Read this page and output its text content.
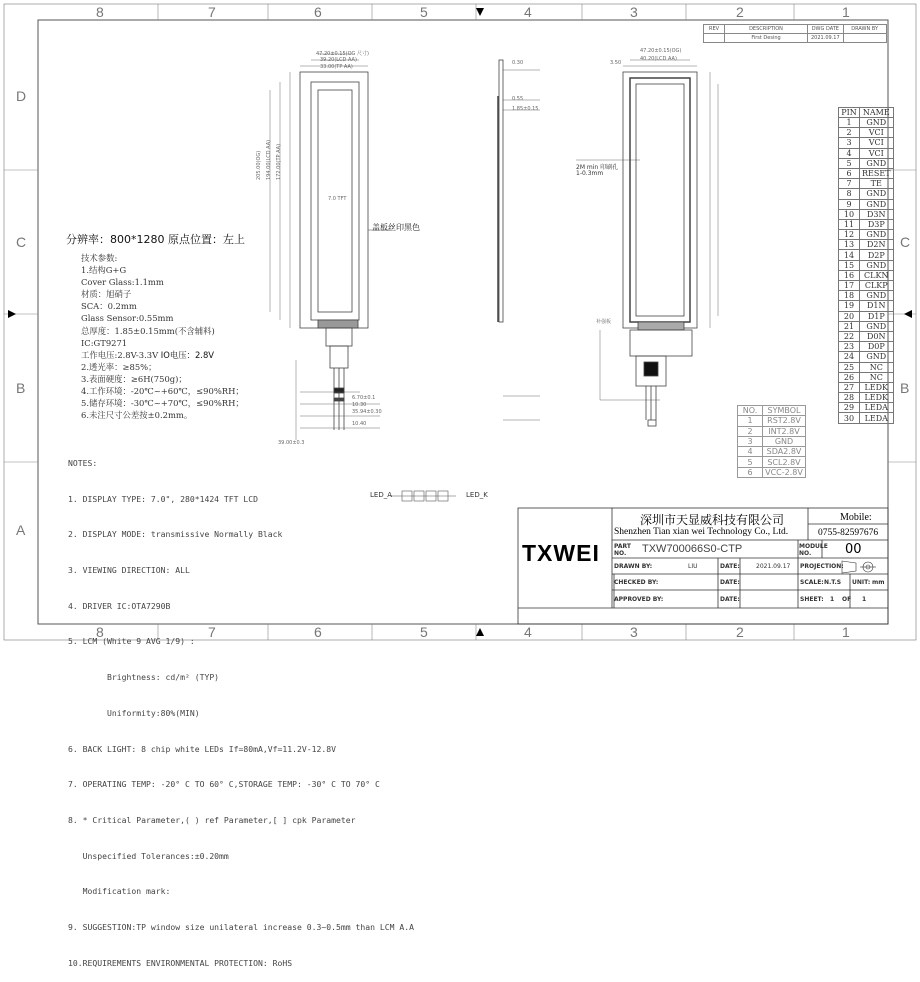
8	7	6	5	4	3	2	1
8	7	6	5	4	3	2	1
D
C
B
A
C
B
REV	DESCRIPTION	DWG DATE	DRAWN BY
	First Desing	2021.09.17	
分辨率：800*1280 原点位置：左上
技术参数:
1.结构G+G
Cover Glass:1.1mm
材质：旭硝子
SCA：0.2mm
Glass Sensor:0.55mm
总厚度：1.85±0.15mm(不含辅料)
IC:GT9271
工作电压:2.8V-3.3V IO电压：2.8V
2.透光率：≥85%；
3.表面硬度：≥6H(750g)；
4.工作环境：-20℃~+60℃，≤90%RH；
5.储存环境：-30℃~+70℃，≤90%RH；
6.未注尺寸公差按±0.2mm。

NOTES:

1. DISPLAY TYPE: 7.0", 280*1424 TFT LCD

2. DISPLAY MODE: transmissive Normally Black

3. VIEWING DIRECTION: ALL

4. DRIVER IC:OTA7290B

5. LCM (White 9 AVG 1/9) :

Brightness: cd/m² (TYP)

Uniformity:80%(MIN)

6. BACK LIGHT: 8 chip white LEDs If=80mA,Vf=11.2V-12.8V

7. OPERATING TEMP: -20° C TO 60° C,STORAGE TEMP: -30° C TO 70° C

8. * Critical Parameter,( ) ref Parameter,[ ] cpk Parameter

Unspecified Tolerances:±0.20mm

Modification mark:

9. SUGGESTION:TP window size unilateral increase 0.3~0.5mm than LCM A.A

10.REQUIREMENTS ENVIRONMENTAL PROTECTION: RoHS

盖板丝印黑色
LED_A	LED_K
2M min 印刷孔
1-0.3mm
补强板
7.0 TFT
47.20±0.15(OG 尺寸)
39.20(LCD AA)
33.00(TP AA)
205.00(OG) 194.00(LCD AA) 172.00(TP AA)
0.30
0.55
1.85±0.15
6.70±0.1
10.30
35.94±0.30
10.40
39.00±0.3
47.20±0.15(OG)
40.20(LCD AA)
3.50
PIN	NAME
1	GND
2	VCI
3	VCI
4	VCI
5	GND
6	RESET
7	TE
8	GND
9	GND
10	D3N
11	D3P
12	GND
13	D2N
14	D2P
15	GND
16	CLKN
17	CLKP
18	GND
19	D1N
20	D1P
21	GND
22	D0N
23	D0P
24	GND
25	NC
26	NC
27	LEDK
28	LEDK
29	LEDA
30	LEDA
NO.	SYMBOL
1	RST2.8V
2	INT2.8V
3	GND
4	SDA2.8V
5	SCL2.8V
6	VCC-2.8V
TXWEI
深圳市天显威科技有限公司
Shenzhen Tian xian wei Technology Co., Ltd.
Mobile:
0755-82597676
PART NO.	TXW700066S0-CTP	MODULE NO.	00
DRAWN BY:	LIU	DATE:	2021.09.17 PROJECTION:
CHECKED BY:	DATE:	SCALE: N.T.S UNIT: mm
APPROVED BY:	DATE:	SHEET: 1 OF 1
